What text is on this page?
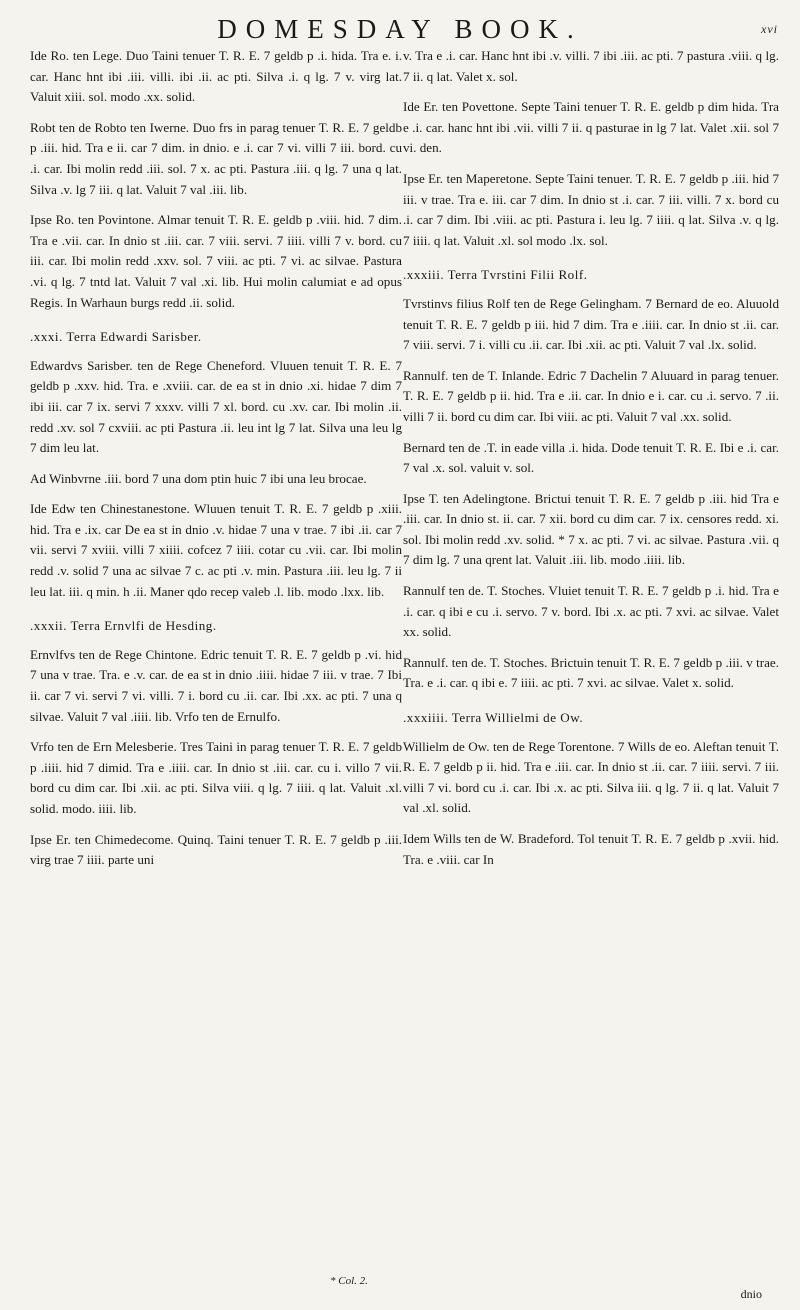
DOMESDAY BOOK.	xvi

Ide Ro. ten Lege. Duo Taini tenuer T. R. E. 7 geldb p .i. hida. Tra e. i. car. Hanc hnt ibi .iii. villi. ibi .ii. ac pti. Silva .i. q lg. 7 v. virg lat. Valuit xiii. sol. modo .xx. solid.

Robt ten de Robto ten Iwerne. Duo frs in parag tenuer T. R. E. 7 geldb p .iii. hid. Tra e ii. car 7 dim. in dnio. e .i. car 7 vi. villi 7 iii. bord. cu .i. car. Ibi molin redd .iii. sol. 7 x. ac pti. Pastura .iii. q lg. 7 una q lat. Silva .v. lg 7 iii. q lat. Valuit 7 val .iii. lib.

Ipse Ro. ten Povintone. Almar tenuit T. R. E. geldb p .viii. hid. 7 dim. Tra e .vii. car. In dnio st .iii. car. 7 viii. servi. 7 iiii. villi 7 v. bord. cu iii. car. Ibi molin redd .xxv. sol. 7 viii. ac pti. 7 vi. ac silvae. Pastura .vi. q lg. 7 tntd lat. Valuit 7 val .xi. lib. Hui molin calumiat e ad opus Regis. In Warhaun burgs redd .ii. solid.

.xxxi. Terra Edwardi Sarisber.

Edwardvs Sarisber. ten de Rege Cheneford. Vluuen tenuit T. R. E. 7 geldb p .xxv. hid. Tra. e .xviii. car. de ea st in dnio .xi. hidae 7 dim 7 ibi iii. car 7 ix. servi 7 xxxv. villi 7 xl. bord. cu .xv. car. Ibi molin .ii. redd .xv. sol 7 cxviii. ac pti Pastura .ii. leu int lg 7 lat. Silva una leu lg 7 dim leu lat.

Ad Winbvrne .iii. bord 7 una dom ptin huic 7 ibi una leu brocae.

Ide Edw ten Chinestanestone. Wluuen tenuit T. R. E. 7 geldb p .xiii. hid. Tra e .ix. car De ea st in dnio .v. hidae 7 una v trae. 7 ibi .ii. car 7 vii. servi 7 xviii. villi 7 xiiii. cofcez 7 iiii. cotar cu .vii. car. Ibi molin redd .v. solid 7 una ac silvae 7 c. ac pti .v. min. Pastura .iii. leu lg. 7 ii leu lat. iii. q min. h .ii. Maner qdo recep valeb .l. lib. modo .lxx. lib.

.xxxii. Terra Ernvlfi de Hesding.

Ernvlfvs ten de Rege Chintone. Edric tenuit T. R. E. 7 geldb p .vi. hid 7 una v trae. Tra. e .v. car. de ea st in dnio .iiii. hidae 7 iii. v trae. 7 Ibi ii. car 7 vi. servi 7 vi. villi. 7 i. bord cu .ii. car. Ibi .xx. ac pti. 7 una q silvae. Valuit 7 val .iiii. lib. Vrfo ten de Ernulfo.

Vrfo ten de Ern Melesberie. Tres Taini in parag tenuer T. R. E. 7 geldb p .iiii. hid 7 dimid. Tra e .iiii. car. In dnio st .iii. car. cu i. villo 7 vii. bord cu dim car. Ibi .xii. ac pti. Silva viii. q lg. 7 iiii. q lat. Valuit .xl. solid. modo. iiii. lib.

Ipse Er. ten Chimedecome. Quinq. Taini tenuer T. R. E. 7 geldb p .iii. virg trae 7 iiii. parte uni

v. Tra e .i. car. Hanc hnt ibi .v. villi. 7 ibi .iii. ac pti. 7 pastura .viii. q lg. 7 ii. q lat. Valet x. sol.

Ide Er. ten Povettone. Septe Taini tenuer T. R. E. geldb p dim hida. Tra e .i. car. hanc hnt ibi .vii. villi 7 ii. q pasturae in lg 7 lat. Valet .xii. sol 7 vi. den.

Ipse Er. ten Maperetone. Septe Taini tenuer. T. R. E. 7 geldb p .iii. hid 7 iii. v trae. Tra e. iii. car 7 dim. In dnio st .i. car. 7 iii. villi. 7 x. bord cu .i. car 7 dim. Ibi .viii. ac pti. Pastura i. leu lg. 7 iiii. q lat. Silva .v. q lg. 7 iiii. q lat. Valuit .xl. sol modo .lx. sol.

.xxxiii. Terra Tvrstini Filii Rolf.

Tvrstinvs filius Rolf ten de Rege Gelingham. 7 Bernard de eo. Aluuold tenuit T. R. E. 7 geldb p iii. hid 7 dim. Tra e .iiii. car. In dnio st .ii. car. 7 viii. servi. 7 i. villi cu .ii. car. Ibi .xii. ac pti. Valuit 7 val .lx. solid.

Rannulf. ten de T. Inlande. Edric 7 Dachelin 7 Aluuard in parag tenuer. T. R. E. 7 geldb p ii. hid. Tra e .ii. car. In dnio e i. car. cu .i. servo. 7 .ii. villi 7 ii. bord cu dim car. Ibi viii. ac pti. Valuit 7 val .xx. solid.

Bernard ten de .T. in eade villa .i. hida. Dode tenuit T. R. E. Ibi e .i. car. 7 val .x. sol. valuit v. sol.

Ipse T. ten Adelingtone. Brictui tenuit T. R. E. 7 geldb p .iii. hid Tra e .iii. car. In dnio st. ii. car. 7 xii. bord cu dim car. 7 ix. censores redd. xi. sol. Ibi molin redd .xv. solid. * 7 x. ac pti. 7 vi. ac silvae. Pastura .vii. q 7 dim lg. 7 una qrent lat. Valuit .iii. lib. modo .iiii. lib.

Rannulf ten de. T. Stoches. Vluiet tenuit T. R. E. 7 geldb p .i. hid. Tra e .i. car. q ibi e cu .i. servo. 7 v. bord. Ibi .x. ac pti. 7 xvi. ac silvae. Valet xx. solid.

Rannulf. ten de. T. Stoches. Brictuin tenuit T. R. E. 7 geldb p .iii. v trae. Tra. e .i. car. q ibi e. 7 iiii. ac pti. 7 xvi. ac silvae. Valet x. solid.

.xxxiiii. Terra Willielmi de Ow.

Willielm de Ow. ten de Rege Torentone. 7 Wills de eo. Aleftan tenuit T. R. E. 7 geldb p ii. hid. Tra e .iii. car. In dnio st .ii. car. 7 iiii. servi. 7 iii. villi 7 vi. bord cu .i. car. Ibi .x. ac pti. Silva iii. q lg. 7 ii. q lat. Valuit 7 val .xl. solid.

Idem Wills ten de W. Bradeford. Tol tenuit T. R. E. 7 geldb p .xvii. hid. Tra. e .viii. car In

* Col. 2.
dnio
